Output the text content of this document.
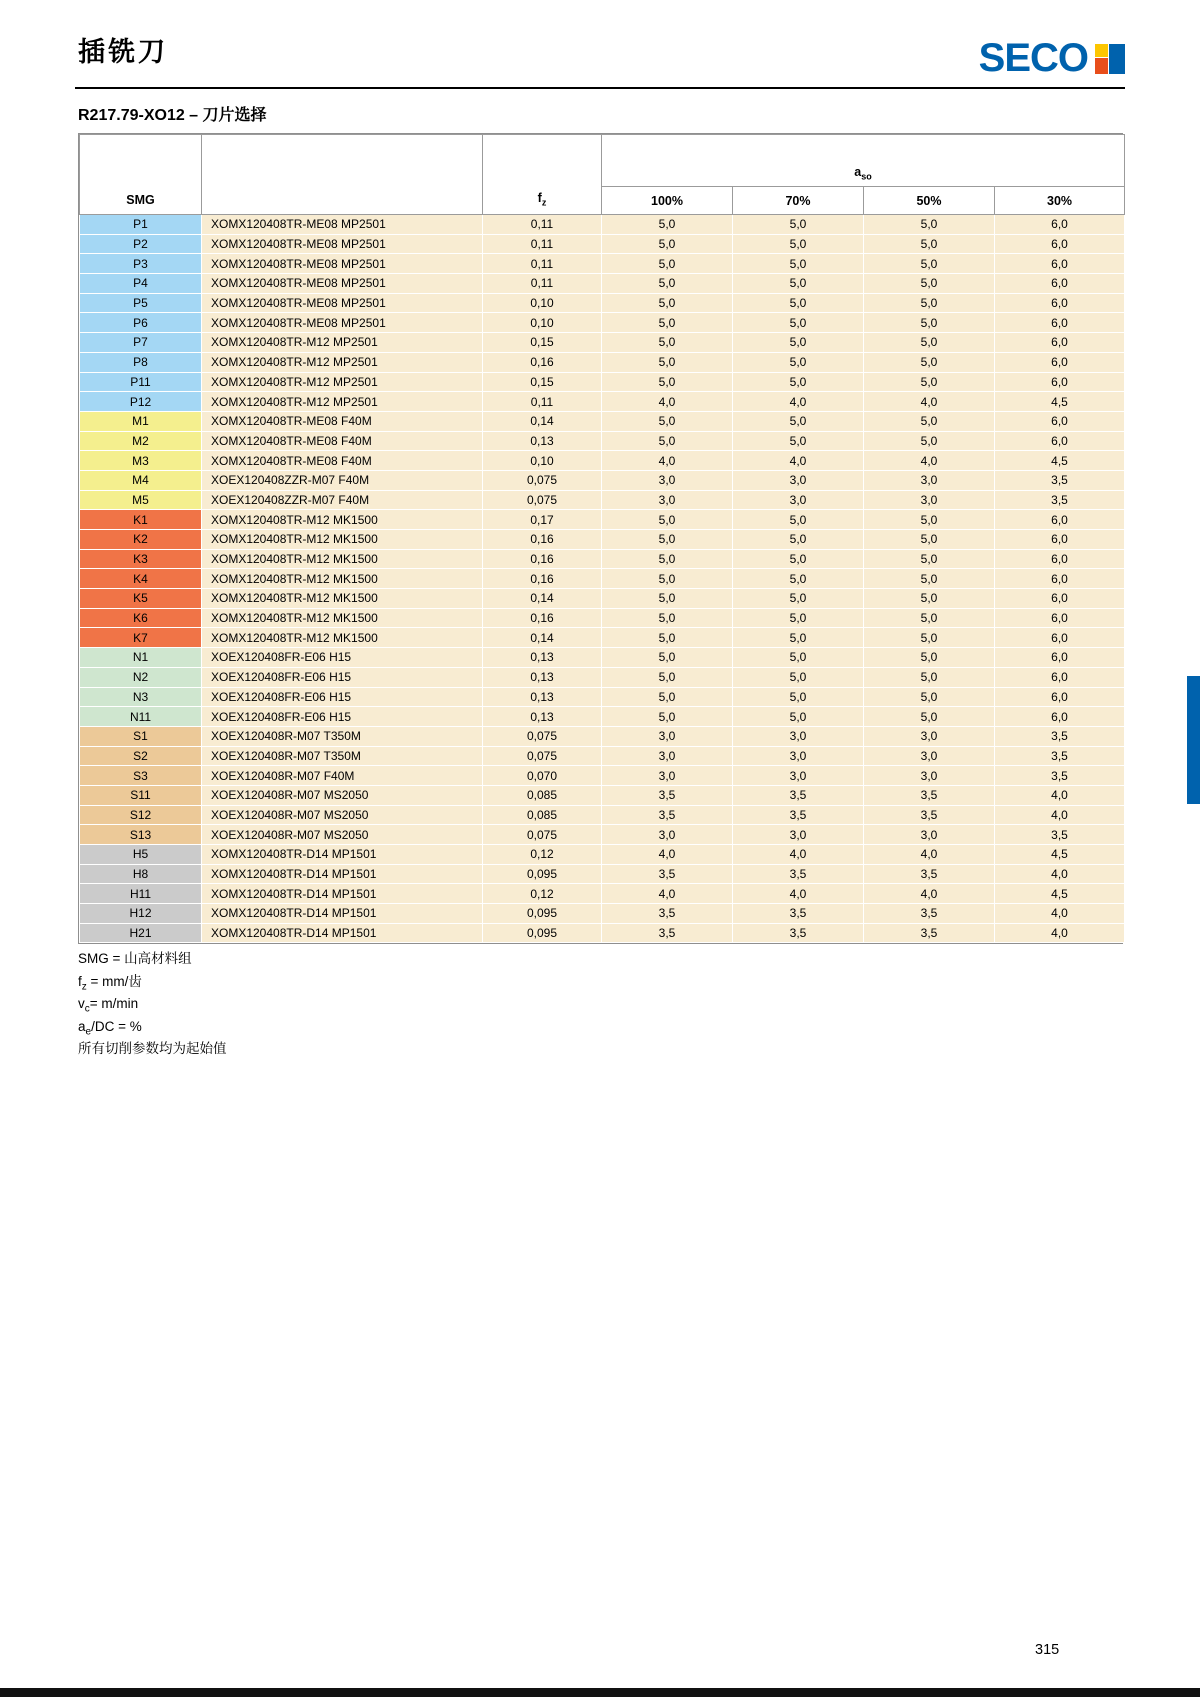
插铣刀	SECO
R217.79-XO12 – 刀片选择
SMG		$f_z$	$a_{so}$
			100%	70%	50%	30%
P1	XOMX120408TR-ME08 MP2501	0,11	5,0	5,0	5,0	6,0
P2	XOMX120408TR-ME08 MP2501	0,11	5,0	5,0	5,0	6,0
P3	XOMX120408TR-ME08 MP2501	0,11	5,0	5,0	5,0	6,0
P4	XOMX120408TR-ME08 MP2501	0,11	5,0	5,0	5,0	6,0
P5	XOMX120408TR-ME08 MP2501	0,10	5,0	5,0	5,0	6,0
P6	XOMX120408TR-ME08 MP2501	0,10	5,0	5,0	5,0	6,0
P7	XOMX120408TR-M12 MP2501	0,15	5,0	5,0	5,0	6,0
P8	XOMX120408TR-M12 MP2501	0,16	5,0	5,0	5,0	6,0
P11	XOMX120408TR-M12 MP2501	0,15	5,0	5,0	5,0	6,0
P12	XOMX120408TR-M12 MP2501	0,11	4,0	4,0	4,0	4,5
M1	XOMX120408TR-ME08 F40M	0,14	5,0	5,0	5,0	6,0
M2	XOMX120408TR-ME08 F40M	0,13	5,0	5,0	5,0	6,0
M3	XOMX120408TR-ME08 F40M	0,10	4,0	4,0	4,0	4,5
M4	XOEX120408ZZR-M07 F40M	0,075	3,0	3,0	3,0	3,5
M5	XOEX120408ZZR-M07 F40M	0,075	3,0	3,0	3,0	3,5
K1	XOMX120408TR-M12 MK1500	0,17	5,0	5,0	5,0	6,0
K2	XOMX120408TR-M12 MK1500	0,16	5,0	5,0	5,0	6,0
K3	XOMX120408TR-M12 MK1500	0,16	5,0	5,0	5,0	6,0
K4	XOMX120408TR-M12 MK1500	0,16	5,0	5,0	5,0	6,0
K5	XOMX120408TR-M12 MK1500	0,14	5,0	5,0	5,0	6,0
K6	XOMX120408TR-M12 MK1500	0,16	5,0	5,0	5,0	6,0
K7	XOMX120408TR-M12 MK1500	0,14	5,0	5,0	5,0	6,0
N1	XOEX120408FR-E06 H15	0,13	5,0	5,0	5,0	6,0
N2	XOEX120408FR-E06 H15	0,13	5,0	5,0	5,0	6,0
N3	XOEX120408FR-E06 H15	0,13	5,0	5,0	5,0	6,0
N11	XOEX120408FR-E06 H15	0,13	5,0	5,0	5,0	6,0
S1	XOEX120408R-M07 T350M	0,075	3,0	3,0	3,0	3,5
S2	XOEX120408R-M07 T350M	0,075	3,0	3,0	3,0	3,5
S3	XOEX120408R-M07 F40M	0,070	3,0	3,0	3,0	3,5
S11	XOEX120408R-M07 MS2050	0,085	3,5	3,5	3,5	4,0
S12	XOEX120408R-M07 MS2050	0,085	3,5	3,5	3,5	4,0
S13	XOEX120408R-M07 MS2050	0,075	3,0	3,0	3,0	3,5
H5	XOMX120408TR-D14 MP1501	0,12	4,0	4,0	4,0	4,5
H8	XOMX120408TR-D14 MP1501	0,095	3,5	3,5	3,5	4,0
H11	XOMX120408TR-D14 MP1501	0,12	4,0	4,0	4,0	4,5
H12	XOMX120408TR-D14 MP1501	0,095	3,5	3,5	3,5	4,0
H21	XOMX120408TR-D14 MP1501	0,095	3,5	3,5	3,5	4,0
SMG = 山高材料组
$f_z = mm/$齿
$v_c= m/\min$
$a_e/DC$ = %
所有切削参数均为起始值
315
